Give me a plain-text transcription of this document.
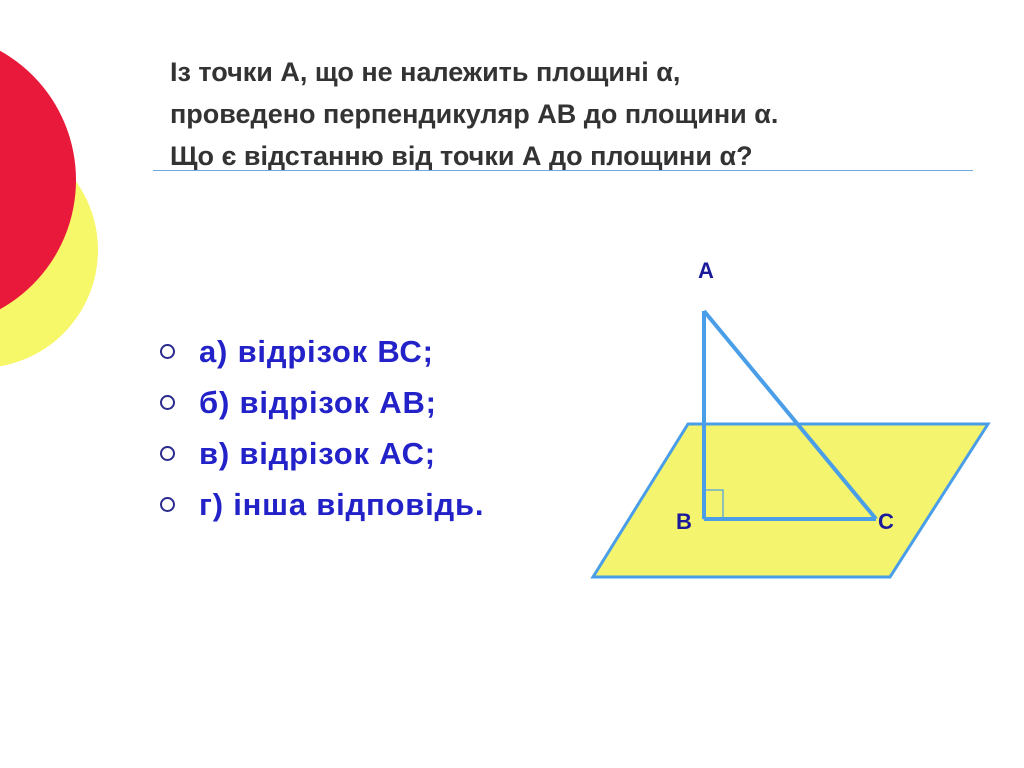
Із точки А, що не належить площині α,
проведено перпендикуляр АВ до площини α.
Що є відстанню від точки А до площини α?
а) відрізок ВС;
б) відрізок АВ;
в) відрізок АС;
г) інша відповідь.
A
B	C
